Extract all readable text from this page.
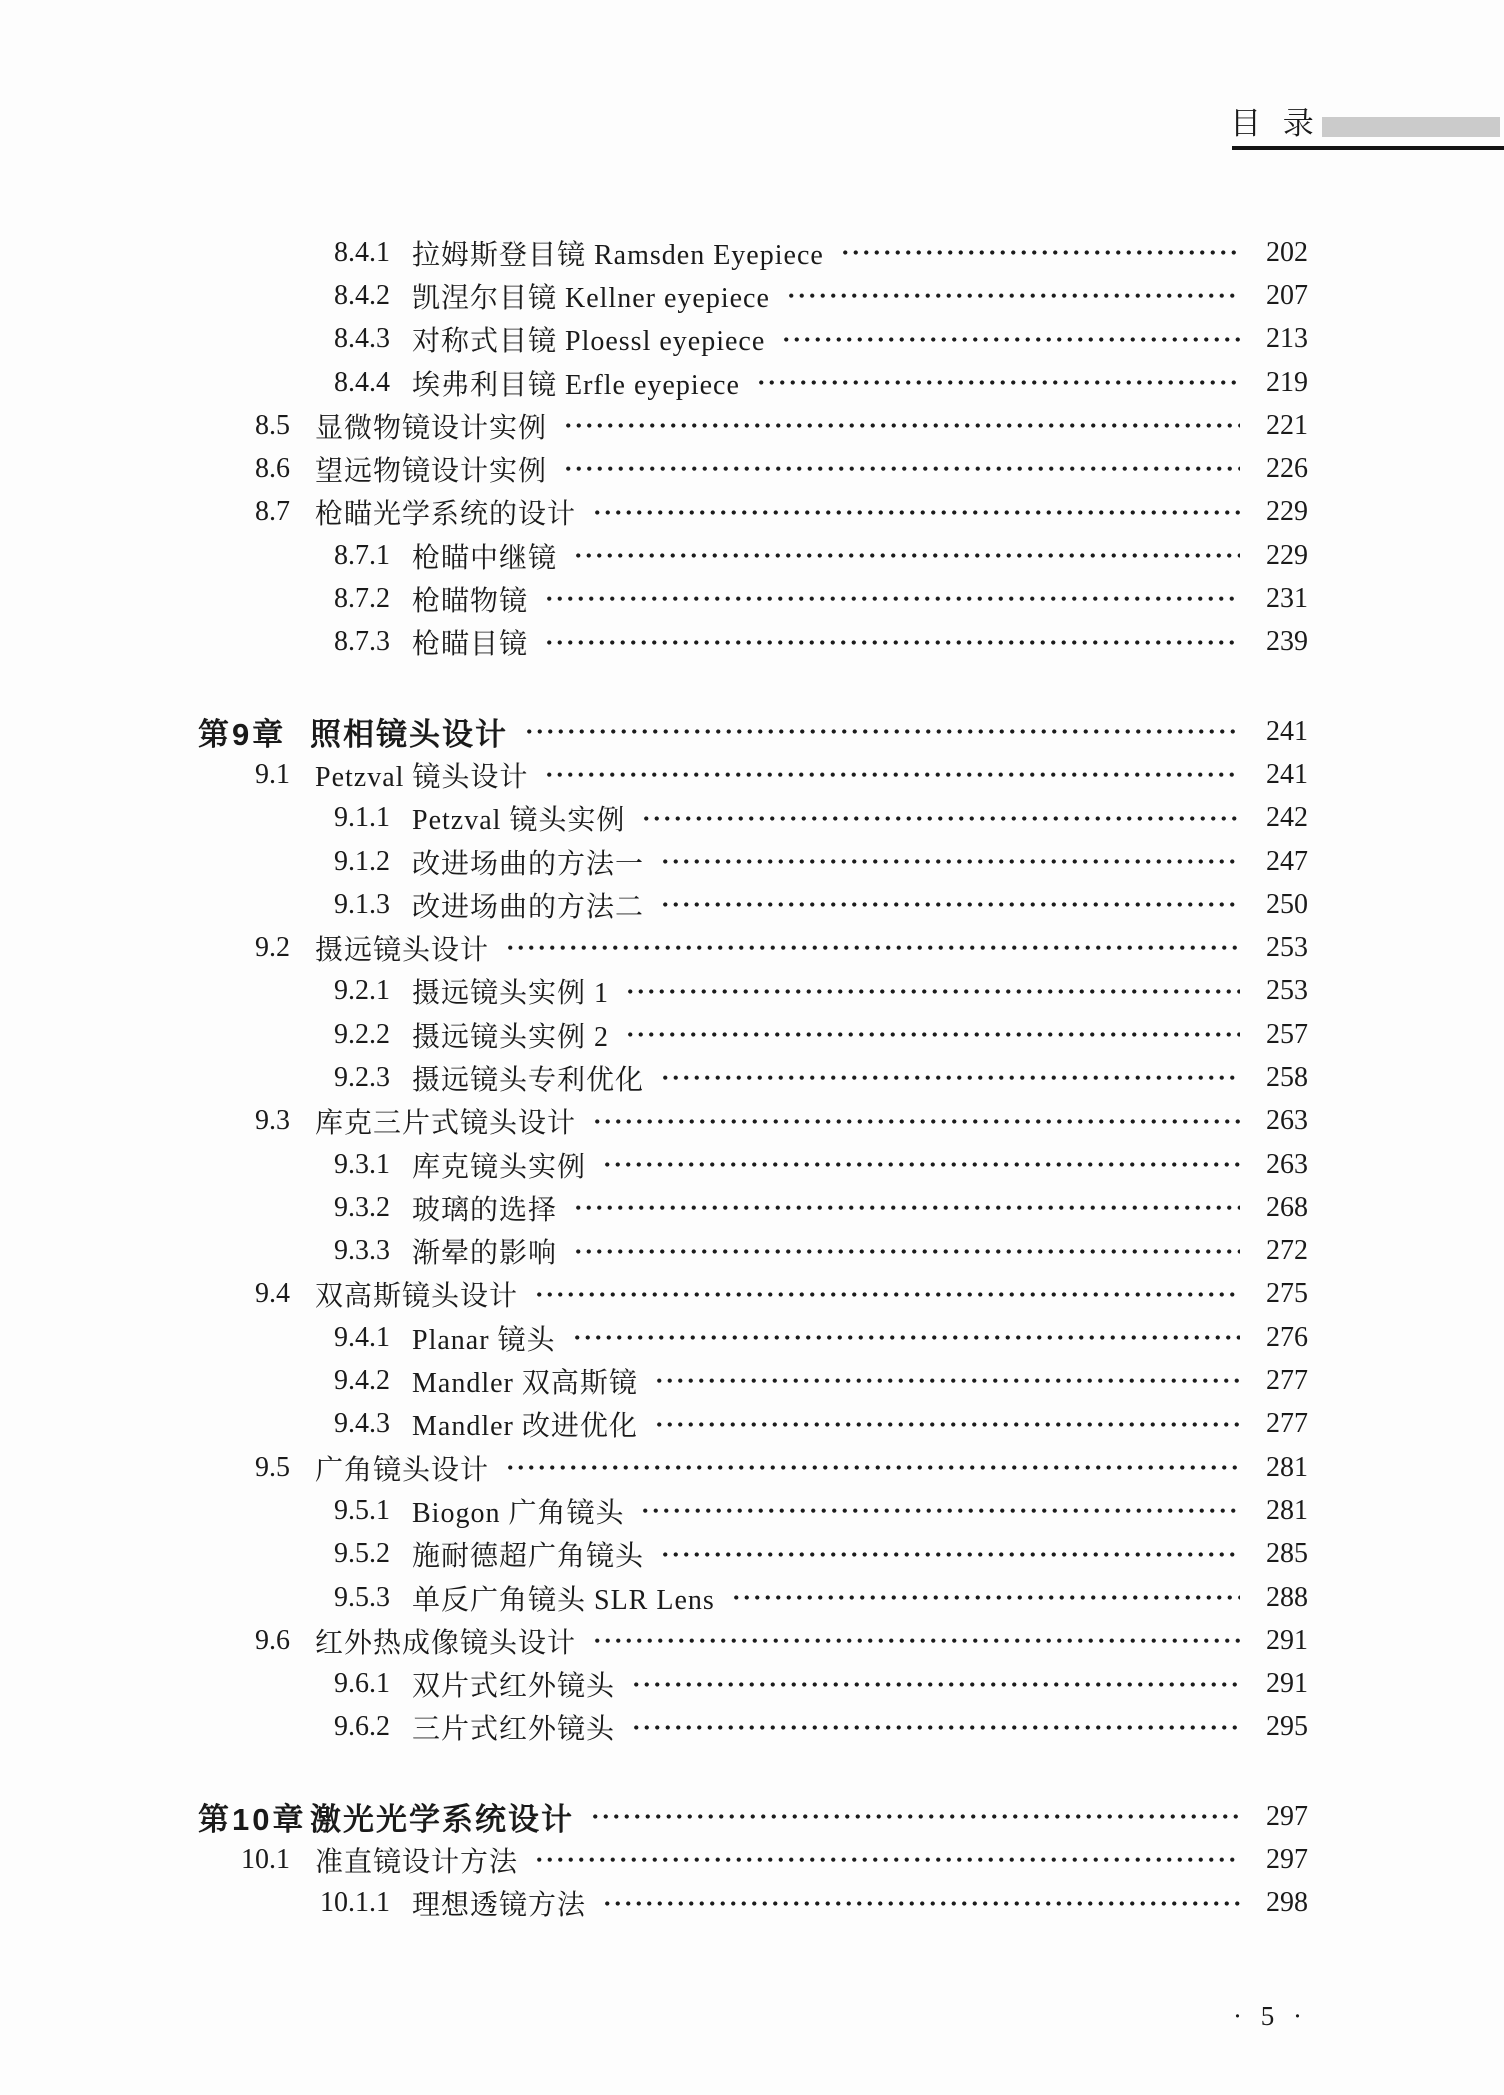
目 录
8.4.1 拉姆斯登目镜 Ramsden Eyepiece	202
8.4.2 凯涅尔目镜 Kellner eyepiece	207
8.4.3 对称式目镜 Ploessl eyepiece	213
8.4.4 埃弗利目镜 Erfle eyepiece	219
8.5 显微物镜设计实例	221
8.6 望远物镜设计实例	226
8.7 枪瞄光学系统的设计	229
8.7.1 枪瞄中继镜	229
8.7.2 枪瞄物镜	231
8.7.3 枪瞄目镜	239
第9章 照相镜头设计	241
9.1 Petzval 镜头设计	241
9.1.1 Petzval 镜头实例	242
9.1.2 改进场曲的方法一	247
9.1.3 改进场曲的方法二	250
9.2 摄远镜头设计	253
9.2.1 摄远镜头实例 1	253
9.2.2 摄远镜头实例 2	257
9.2.3 摄远镜头专利优化	258
9.3 库克三片式镜头设计	263
9.3.1 库克镜头实例	263
9.3.2 玻璃的选择	268
9.3.3 渐晕的影响	272
9.4 双高斯镜头设计	275
9.4.1 Planar 镜头	276
9.4.2 Mandler 双高斯镜	277
9.4.3 Mandler 改进优化	277
9.5 广角镜头设计	281
9.5.1 Biogon 广角镜头	281
9.5.2 施耐德超广角镜头	285
9.5.3 单反广角镜头 SLR Lens	288
9.6 红外热成像镜头设计	291
9.6.1 双片式红外镜头	291
9.6.2 三片式红外镜头	295
第10章 激光光学系统设计	297
10.1 准直镜设计方法	297
10.1.1 理想透镜方法	298

· 5 ·
